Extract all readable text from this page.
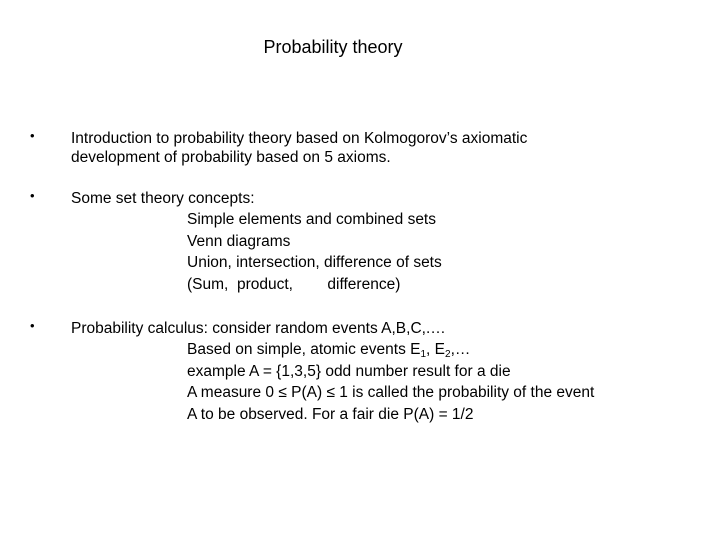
Probability theory
• Introduction to probability theory based on Kolmogorov’s axiomatic
development of probability based on 5 axioms.
• Some set theory concepts:
Simple elements and combined sets
Venn diagrams
Union, intersection, difference of sets
(Sum,  product,        difference)
• Probability calculus: consider random events A,B,C,.…
Based on simple, atomic events $E_1$, $E_2,\dots$
example A = {1,3,5} odd number result for a die
A measure 0 ≤ P(A) ≤ 1 is called the probability of the event
A to be observed. For a fair die P(A) = 1/2
